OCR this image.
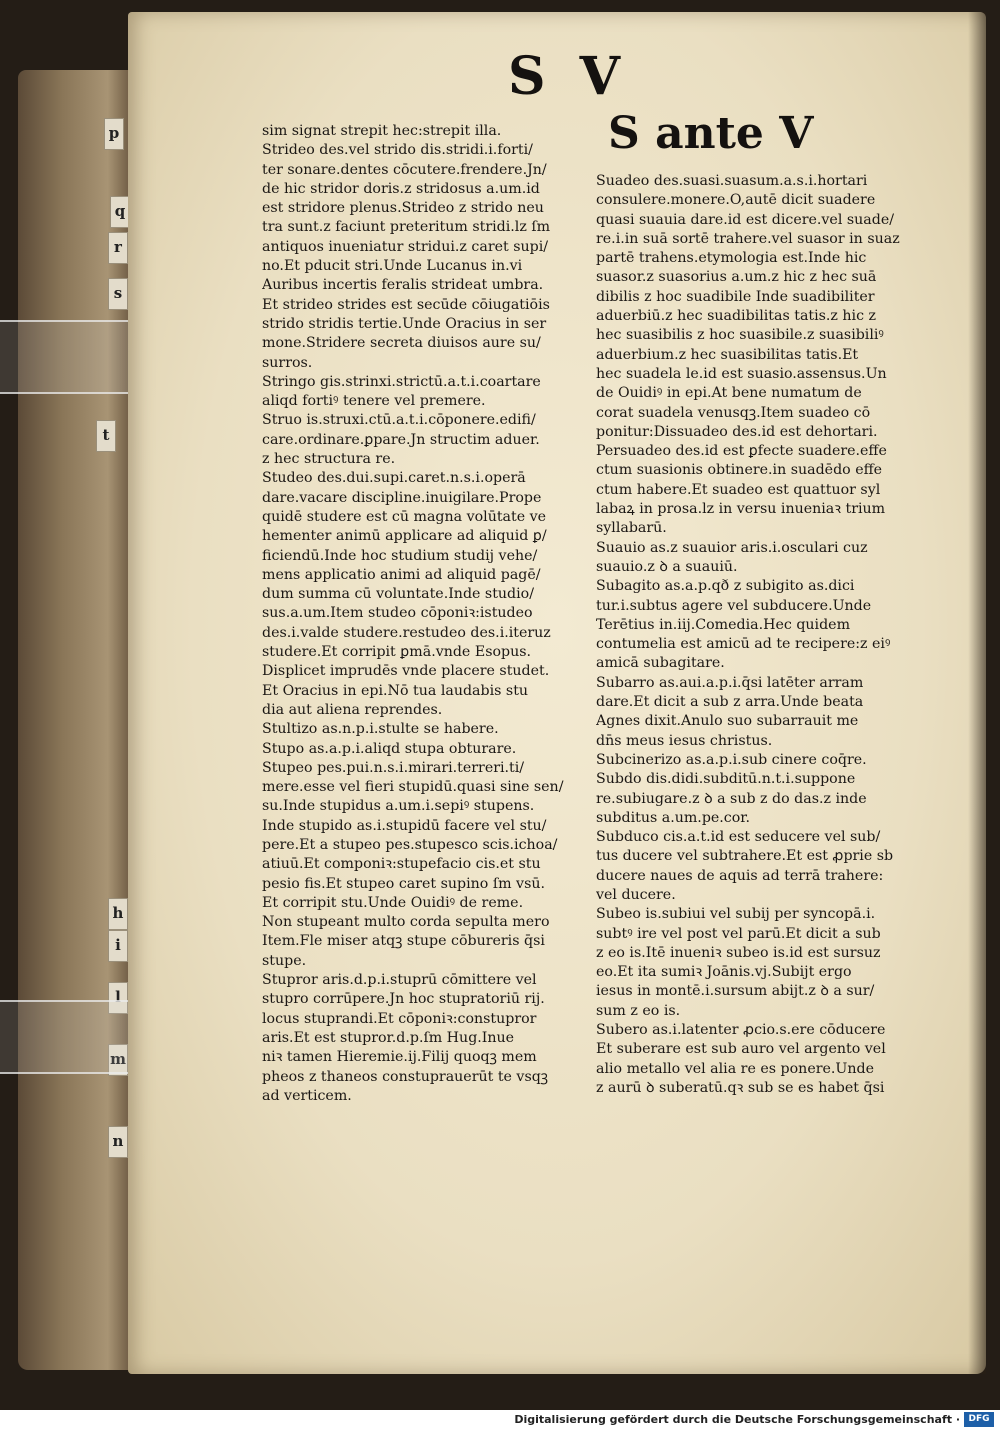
p
q
r
s
t
h
i
l
m
n
S V
S ante V
sim signat strepit hec:strepit illa.
Strideo des.vel strido dis.stridi.i.forti/
ter sonare.dentes cōcutere.frendere.Jn/
de hic stridor doris.z stridosus a.um.id
est stridore plenus.Strideo z strido neu
tra sunt.z faciunt preteritum stridi.lz ſm
antiquos inueniatur stridui.z caret supi/
no.Et pducit stri.Unde Lucanus in.vi
Auribus incertis feralis strideat umbra.
Et strideo strides est secūde cōiugatiōis
strido stridis tertie.Unde Oracius in ser
mone.Stridere secreta diuisos aure su/
surros.
Stringo gis.strinxi.strictū.a.t.i.coartare
aliqd fortiꝰ tenere vel premere.
Struo is.struxi.ctū.a.t.i.cōponere.edifi/
care.ordinare.ꝑpare.Jn structim aduer.
z hec structura re.
Studeo des.dui.supi.caret.n.s.i.operā
dare.vacare discipline.inuigilare.Prope
quidē studere est cū magna volūtate ve
hementer animū applicare ad aliquid ꝑ/
ficiendū.Inde hoc studium studij vehe/
mens applicatio animi ad aliquid pagē/
dum summa cū voluntate.Inde studio/
sus.a.um.Item studeo cōponiꝛ:istudeo
des.i.valde studere.restudeo des.i.iteruz
studere.Et corripit ꝑmā.vnde Esopus.
Displicet imprudēs vnde placere studet.
Et Oracius in epi.Nō tua laudabis stu
dia aut aliena reprendes.
Stultizo as.n.p.i.stulte se habere.
Stupo as.a.p.i.aliqd stupa obturare.
Stupeo pes.pui.n.s.i.mirari.terreri.ti/
mere.esse vel fieri stupidū.quasi sine sen/
su.Inde stupidus a.um.i.sepiꝰ stupens.
Inde stupido as.i.stupidū facere vel stu/
pere.Et a stupeo pes.stupesco scis.ichoa/
atiuū.Et componiꝛ:stupefacio cis.et stu
pesio fis.Et stupeo caret supino ſm vsū.
Et corripit stu.Unde Ouidiꝰ de reme.
Non stupeant multo corda sepulta mero
Item.Fle miser atqꝫ stupe cōbureris q̄si
stupe.
Stupror aris.d.p.i.stuprū cōmittere vel
stupro corrūpere.Jn hoc stupratoriū rij.
locus stuprandi.Et cōponiꝛ:constupror
aris.Et est stupror.d.p.ſm Hug.Inue
niꝛ tamen Hieremie.ij.Filij quoqꝫ mem
pheos z thaneos constuprauerūt te vsqꝫ
ad verticem.
Suadeo des.suasi.suasum.a.s.i.hortari
consulere.monere.O,autē dicit suadere
quasi suauia dare.id est dicere.vel suade/
re.i.in suā sortē trahere.vel suasor in suaz
partē trahens.etymologia est.Inde hic
suasor.z suasorius a.um.z hic z hec suā
dibilis z hoc suadibile Inde suadibiliter
aduerbiū.z hec suadibilitas tatis.z hic z
hec suasibilis z hoc suasibile.z suasibiliꝰ
aduerbium.z hec suasibilitas tatis.Et
hec suadela le.id est suasio.assensus.Un
de Ouidiꝰ in epi.At bene numatum de
corat suadela venusqꝫ.Item suadeo cō
ponitur:Dissuadeo des.id est dehortari.
Persuadeo des.id est ꝑfecte suadere.effe
ctum suasionis obtinere.in suadēdo effe
ctum habere.Et suadeo est quattuor syl
labaꝝ in prosa.lz in versu inueniaꝛ trium
syllabarū.
Suauio as.z suauior aris.i.osculari cuz
suauio.z ꝺ a suauiū.
Subagito as.a.p.qð z subigito as.dici
tur.i.subtus agere vel subducere.Unde
Terētius in.iij.Comedia.Hec quidem
contumelia est amicū ad te recipere:z eiꝰ
amicā subagitare.
Subarro as.aui.a.p.i.q̄si latēter arram
dare.Et dicit a sub z arra.Unde beata
Agnes dixit.Anulo suo subarrauit me
dn̄s meus iesus christus.
Subcinerizo as.a.p.i.sub cinere coq̄re.
Subdo dis.didi.subditū.n.t.i.suppone
re.subiugare.z ꝺ a sub z do das.z inde
subditus a.um.pe.cor.
Subduco cis.a.t.id est seducere vel sub/
tus ducere vel subtrahere.Et est ꝓprie sb
ducere naues de aquis ad terrā trahere:
vel ducere.
Subeo is.subiui vel subij per syncopā.i.
subtꝰ ire vel post vel parū.Et dicit a sub
z eo is.Itē inueniꝛ subeo is.id est sursuz
eo.Et ita sumiꝛ Joānis.vj.Subijt ergo
iesus in montē.i.sursum abijt.z ꝺ a sur/
sum z eo is.
Subero as.i.latenter ꝓcio.s.ere cōducere
Et suberare est sub auro vel argento vel
alio metallo vel alia re es ponere.Unde
z aurū ꝺ suberatū.qꝛ sub se es habet q̄si
Digitalisierung gefördert durch die Deutsche Forschungsgemeinschaft · DFG
